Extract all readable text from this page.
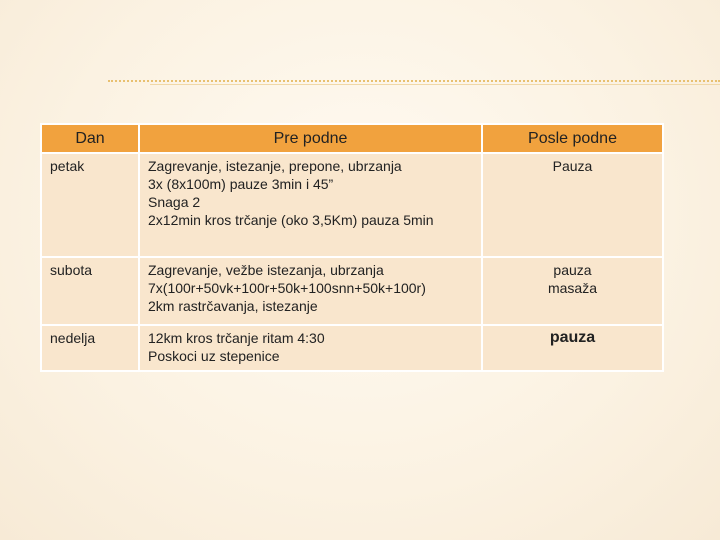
Dan	Pre podne	Posle podne
petak	Zagrevanje, istezanje, prepone, ubrzanja
3x (8x100m) pauze 3min i 45”
Snaga 2
2x12min kros trčanje (oko 3,5Km) pauza 5min	Pauza

subota	Zagrevanje, vežbe istezanja, ubrzanja
7x(100r+50vk+100r+50k+100snn+50k+100r)
2km rastrčavanja, istezanje	pauza
masaža

nedelja	12km kros trčanje ritam 4:30
Poskoci uz stepenice	pauza
